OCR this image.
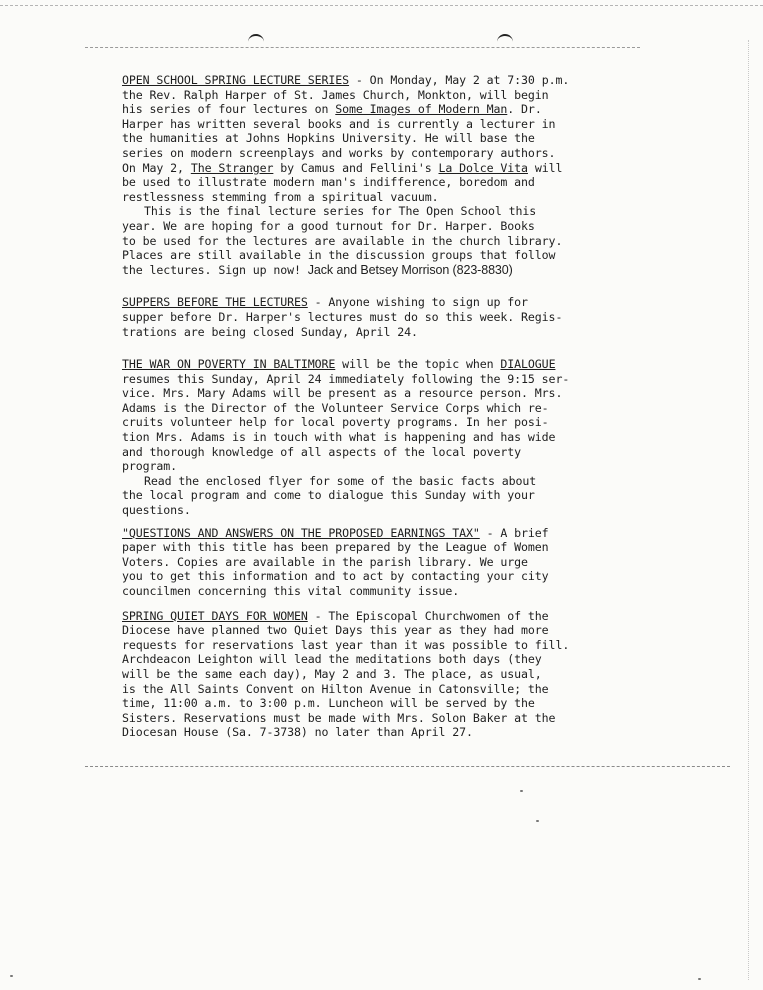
OPEN SCHOOL SPRING LECTURE SERIES - On Monday, May 2 at 7:30 p.m.
the Rev. Ralph Harper of St. James Church, Monkton, will begin
his series of four lectures on Some Images of Modern Man. Dr.
Harper has written several books and is currently a lecturer in
the humanities at Johns Hopkins University. He will base the
series on modern screenplays and works by contemporary authors.
On May 2, The Stranger by Camus and Fellini's La Dolce Vita will
be used to illustrate modern man's indifference, boredom and
restlessness stemming from a spiritual vacuum.
This is the final lecture series for The Open School this
year. We are hoping for a good turnout for Dr. Harper. Books
to be used for the lectures are available in the church library.
Places are still available in the discussion groups that follow
the lectures. Sign up now! Jack and Betsey Morrison (823-8830)
SUPPERS BEFORE THE LECTURES - Anyone wishing to sign up for
supper before Dr. Harper's lectures must do so this week. Regis-
trations are being closed Sunday, April 24.
THE WAR ON POVERTY IN BALTIMORE will be the topic when DIALOGUE
resumes this Sunday, April 24 immediately following the 9:15 ser-
vice. Mrs. Mary Adams will be present as a resource person. Mrs.
Adams is the Director of the Volunteer Service Corps which re-
cruits volunteer help for local poverty programs. In her posi-
tion Mrs. Adams is in touch with what is happening and has wide
and thorough knowledge of all aspects of the local poverty
program.
Read the enclosed flyer for some of the basic facts about
the local program and come to dialogue this Sunday with your
questions.
"QUESTIONS AND ANSWERS ON THE PROPOSED EARNINGS TAX" - A brief
paper with this title has been prepared by the League of Women
Voters. Copies are available in the parish library. We urge
you to get this information and to act by contacting your city
councilmen concerning this vital community issue.
SPRING QUIET DAYS FOR WOMEN - The Episcopal Churchwomen of the
Diocese have planned two Quiet Days this year as they had more
requests for reservations last year than it was possible to fill.
Archdeacon Leighton will lead the meditations both days (they
will be the same each day), May 2 and 3. The place, as usual,
is the All Saints Convent on Hilton Avenue in Catonsville; the
time, 11:00 a.m. to 3:00 p.m. Luncheon will be served by the
Sisters. Reservations must be made with Mrs. Solon Baker at the
Diocesan House (Sa. 7-3738) no later than April 27.
